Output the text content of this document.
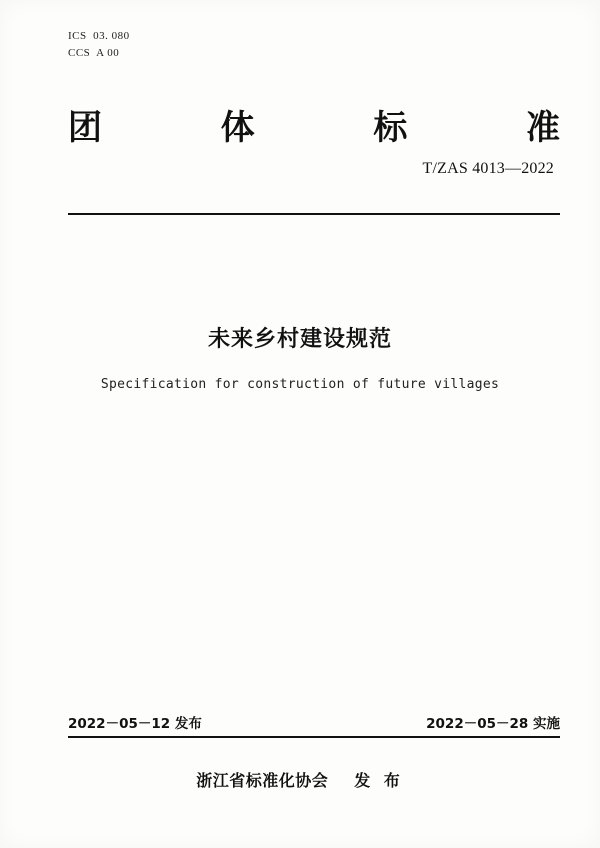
ICS  03. 080
CCS  A 00
团	体	标	准
T/ZAS 4013—2022
未来乡村建设规范
Specification for construction of future villages
2022－05－12 发布	2022－05－28 实施
浙江省标准化协会 发 布
